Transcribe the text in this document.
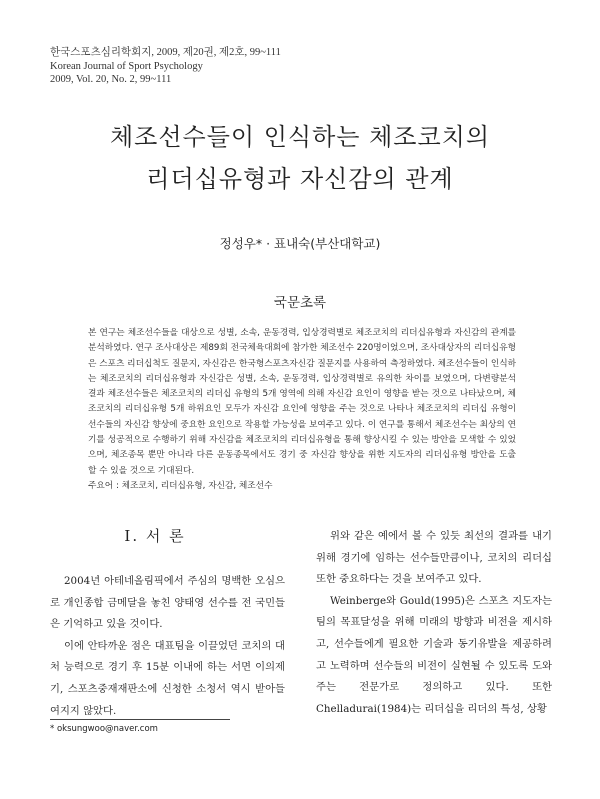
한국스포츠심리학회지, 2009, 제20권, 제2호, 99~111
Korean Journal of Sport Psychology
2009, Vol. 20, No. 2, 99~111
체조선수들이 인식하는 체조코치의
리더십유형과 자신감의 관계
정성우* · 표내숙(부산대학교)
국문초록
본 연구는 체조선수들을 대상으로 성별, 소속, 운동경력, 입상경력별로 체조코치의 리더십유형과 자신감의 관계를 분석하였다. 연구 조사대상은 제89회 전국체육대회에 참가한 체조선수 220명이었으며, 조사대상자의 리더십유형은 스포츠 리더십척도 질문지, 자신감은 한국형스포츠자신감 질문지를 사용하여 측정하였다. 체조선수들이 인식하는 체조코치의 리더십유형과 자신감은 성별, 소속, 운동경력, 입상경력별로 유의한 차이를 보였으며, 다변량분석 결과 체조선수들은 체조코치의 리더십 유형의 5개 영역에 의해 자신감 요인이 영향을 받는 것으로 나타났으며, 체조코치의 리더십유형 5개 하위요인 모두가 자신감 요인에 영향을 주는 것으로 나타나 체조코치의 리더십 유형이 선수들의 자신감 향상에 중요한 요인으로 작용할 가능성을 보여주고 있다. 이 연구를 통해서 체조선수는 최상의 연기를 성공적으로 수행하기 위해 자신감을 체조코치의 리더십유형을 통해 향상시킬 수 있는 방안을 모색할 수 있었으며, 체조종목 뿐만 아니라 다른 운동종목에서도 경기 중 자신감 향상을 위한 지도자의 리더십유형 방안을 도출 할 수 있을 것으로 기대된다.
주요어 : 체조코치, 리더십유형, 자신감, 체조선수
Ⅰ. 서 론

2004년 아테네올림픽에서 주심의 명백한 오심으로 개인종합 금메달을 놓친 양태영 선수를 전 국민들은 기억하고 있을 것이다.

이에 안타까운 점은 대표팀을 이끌었던 코치의 대처 능력으로 경기 후 15분 이내에 하는 서면 이의제기, 스포츠중재재판소에 신청한 소청서 역시 받아들여지지 않았다.

위와 같은 예에서 볼 수 있듯 최선의 결과를 내기 위해 경기에 임하는 선수들만큼이나, 코치의 리더십 또한 중요하다는 것을 보여주고 있다.

Weinberge와 Gould(1995)은 스포츠 지도자는 팀의 목표달성을 위해 미래의 방향과 비전을 제시하고, 선수들에게 필요한 기술과 동기유발을 제공하려고 노력하며 선수들의 비전이 실현될 수 있도록 도와주는 전문가로 정의하고 있다. 또한 Chelladurai(1984)는 리더십을 리더의 특성, 상황

* oksungwoo@naver.com
